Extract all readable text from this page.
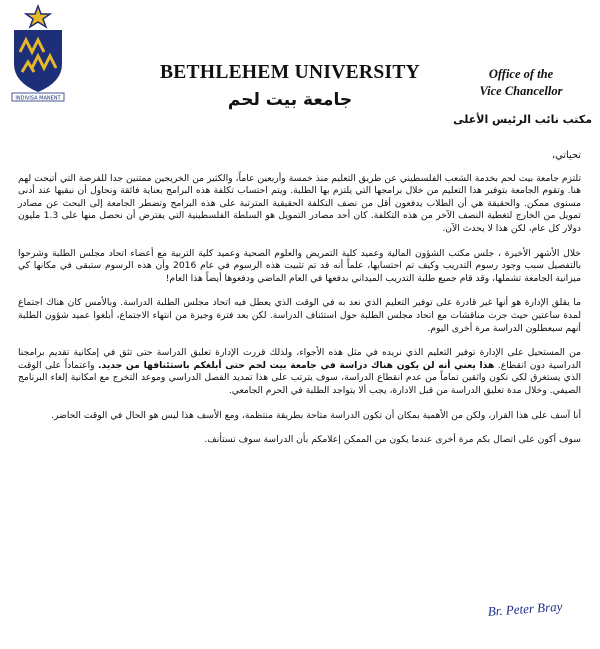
INDIVISA MANENT
BETHLEHEM UNIVERSITY
جامعة بيت لحم
Office of the
Vice Chancellor
مكتب نائب الرئيس الأعلى

تحياتي،

تلتزم جامعة بيت لحم بخدمة الشعب الفلسطيني عن طريق التعليم منذ خمسة وأربعين عاماً، والكثير من الخريجين ممتنين جدا للفرصة التي أتيحت لهم هنا. وتقوم الجامعة بتوفير هذا التعليم من خلال برامجها التي يلتزم بها الطلبة. ويتم احتساب تكلفة هذه البرامج بعناية فائقة ونحاول أن نبقيها عند أدنى مستوى ممكن. والحقيقة هي أن الطلاب يدفعون أقل من نصف التكلفة الحقيقية المترتبة على هذه البرامج وتضطر الجامعة إلى البحث عن مصادر تمويل من الخارج لتغطية النصف الآخر من هذه التكلفة. كان أحد مصادر التمويل هو السلطة الفلسطينية التي يفترض أن نحصل منها على 1.3 مليون دولار كل عام، لكن هذا لا يحدث الآن.

خلال الأشهر الأخيرة ، جلس مكتب الشؤون المالية وعميد كلية التمريض والعلوم الصحية وعميد كلية التربية مع أعضاء اتحاد مجلس الطلبة وشرحوا بالتفصيل سبب وجود رسوم التدريب وكيف تم احتسابها، علماً أنه قد تم تثبيت هذه الرسوم في عام 2016 وأن هذه الرسوم ستبقى في مكانها كي ميزانية الجامعة تشملها، وقد قام جميع طلبة التدريب الميداني بدفعها في العام الماضي ودفعوها أيضاً هذا العام!

ما يقلق الإدارة هو أنها غير قادرة على توفير التعليم الذي نعد به في الوقت الذي يعطل فيه اتحاد مجلس الطلبة الدراسة. وبالأمس كان هناك اجتماع لمدة ساعتين حيث جرت مناقشات مع اتحاد مجلس الطلبة حول استئناف الدراسة. لكن بعد فترة وجيزة من انتهاء الاجتماع، أبلغوا عميد شؤون الطلبة أنهم سيعطلون الدراسة مرة أخرى اليوم.

من المستحيل على الإدارة توفير التعليم الذي نريده في مثل هذه الأجواء، ولذلك قررت الإدارة تعليق الدراسة حتى تثق في إمكانية تقديم برامجنا الدراسية دون انقطاع. هذا يعني أنه لن يكون هناك دراسة في جامعة بيت لحم حتى أبلغكم باستئنافها من جديد. واعتماداً على الوقت الذي يستغرق لكي نكون واثقين تماماً من عدم انقطاع الدراسة، سوف يترتب على هذا تمديد الفصل الدراسي وموعد التخرج مع امكانية إلغاء البرنامج الصيفي. وخلال مدة تعليق الدراسة من قبل الادارة، يجب ألا يتواجد الطلبة في الحرم الجامعي.

أنا آسف على هذا القرار، ولكن من الأهمية بمكان أن تكون الدراسة متاحة بطريقة منتظمة، ومع الأسف هذا ليس هو الحال في الوقت الحاضر.

سوف أكون على اتصال بكم مرة أخرى عندما يكون من الممكن إعلامكم بأن الدراسة سوف تستأنف.

Br. Peter Bray
